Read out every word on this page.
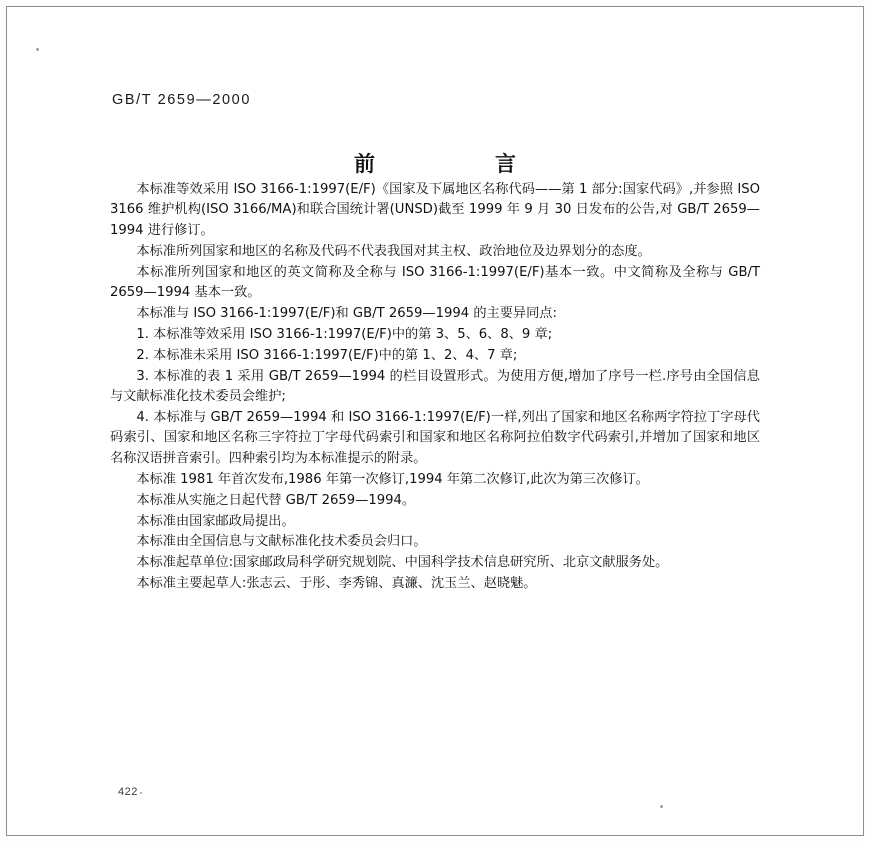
GB/T 2659—2000
前　　言

本标准等效采用 ISO 3166-1:1997(E/F)《国家及下属地区名称代码——第 1 部分:国家代码》,并参照 ISO 3166 维护机构(ISO 3166/MA)和联合国统计署(UNSD)截至 1999 年 9 月 30 日发布的公告,对 GB/T 2659—1994 进行修订。

本标准所列国家和地区的名称及代码不代表我国对其主权、政治地位及边界划分的态度。

本标准所列国家和地区的英文简称及全称与 ISO 3166-1:1997(E/F)基本一致。中文简称及全称与 GB/T 2659—1994 基本一致。

本标准与 ISO 3166-1:1997(E/F)和 GB/T 2659—1994 的主要异同点:

1. 本标准等效采用 ISO 3166-1:1997(E/F)中的第 3、5、6、8、9 章;

2. 本标准未采用 ISO 3166-1:1997(E/F)中的第 1、2、4、7 章;

3. 本标准的表 1 采用 GB/T 2659—1994 的栏目设置形式。为使用方便,增加了序号一栏.序号由全国信息与文献标准化技术委员会维护;

4. 本标准与 GB/T 2659—1994 和 ISO 3166-1:1997(E/F)一样,列出了国家和地区名称两字符拉丁字母代码索引、国家和地区名称三字符拉丁字母代码索引和国家和地区名称阿拉伯数字代码索引,并增加了国家和地区名称汉语拼音索引。四种索引均为本标准提示的附录。

本标准 1981 年首次发布,1986 年第一次修订,1994 年第二次修订,此次为第三次修订。

本标准从实施之日起代替 GB/T 2659—1994。

本标准由国家邮政局提出。

本标准由全国信息与文献标准化技术委员会归口。

本标准起草单位:国家邮政局科学研究规划院、中国科学技术信息研究所、北京文献服务处。

本标准主要起草人:张志云、于彤、李秀锦、真濂、沈玉兰、赵晓魅。

422
